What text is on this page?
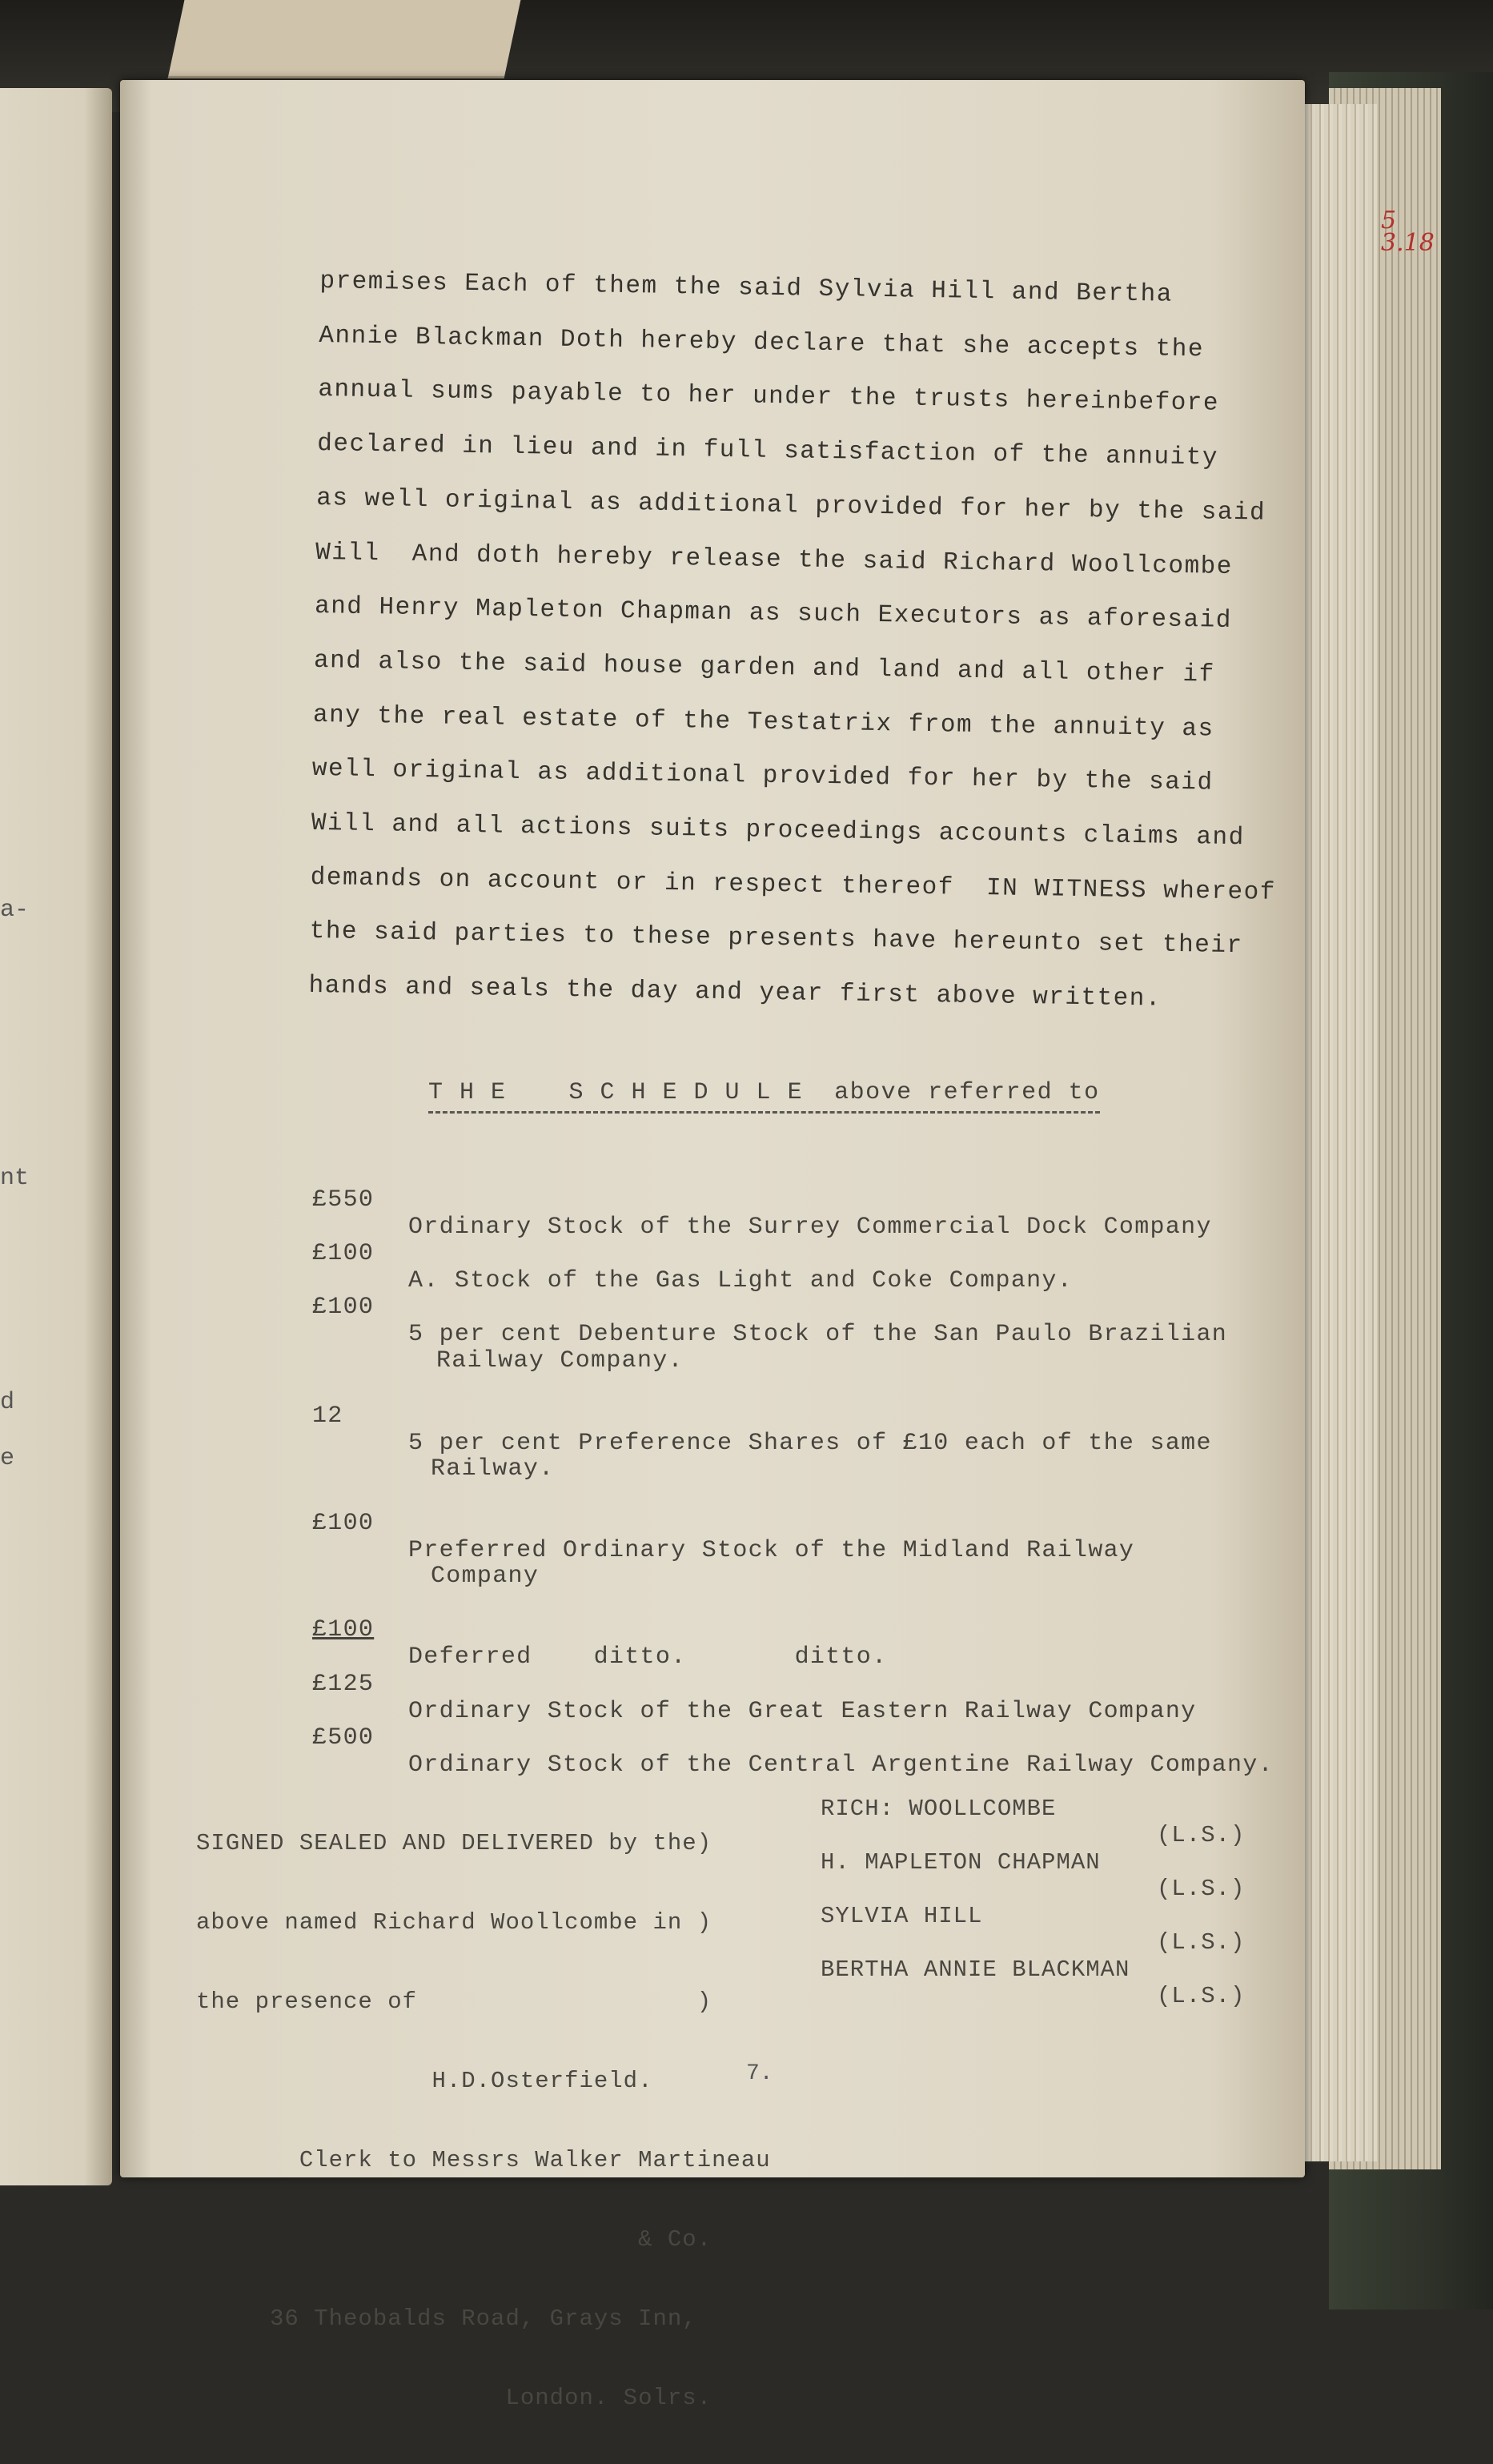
a-
nt
d
e
5
3.18
premises Each of them the said Sylvia Hill and Bertha
Annie Blackman Doth hereby declare that she accepts the
annual sums payable to her under the trusts hereinbefore
declared in lieu and in full satisfaction of the annuity
as well original as additional provided for her by the said
Will  And doth hereby release the said Richard Woollcombe
and Henry Mapleton Chapman as such Executors as aforesaid
and also the said house garden and land and all other if
any the real estate of the Testatrix from the annuity as
well original as additional provided for her by the said
Will and all actions suits proceedings accounts claims and
demands on account or in respect thereof  IN WITNESS whereof
the said parties to these presents have hereunto set their
hands and seals the day and year first above written.
T H E    S C H E D U L E  above referred to

£550

Ordinary Stock of the Surrey Commercial Dock Company

£100

A. Stock of the Gas Light and Coke Company.

£100

5 per cent Debenture Stock of the San Paulo Brazilian

Railway Company.

12

5 per cent Preference Shares of £10 each of the same

Railway.

£100

Preferred Ordinary Stock of the Midland Railway

Company

£100

Deferred    ditto.       ditto.

£125

Ordinary Stock of the Great Eastern Railway Company

£500

Ordinary Stock of the Central Argentine Railway Company.

SIGNED SEALED AND DELIVERED by the)

above named Richard Woollcombe in )

the presence of                   )

H.D.Osterfield.

Clerk to Messrs Walker Martineau

& Co.

36 Theobalds Road, Grays Inn,

London. Solrs.

RICH: WOOLLCOMBE

(L.S.)

H. MAPLETON CHAPMAN

(L.S.)

SYLVIA HILL

(L.S.)

BERTHA ANNIE BLACKMAN

(L.S.)

7.
